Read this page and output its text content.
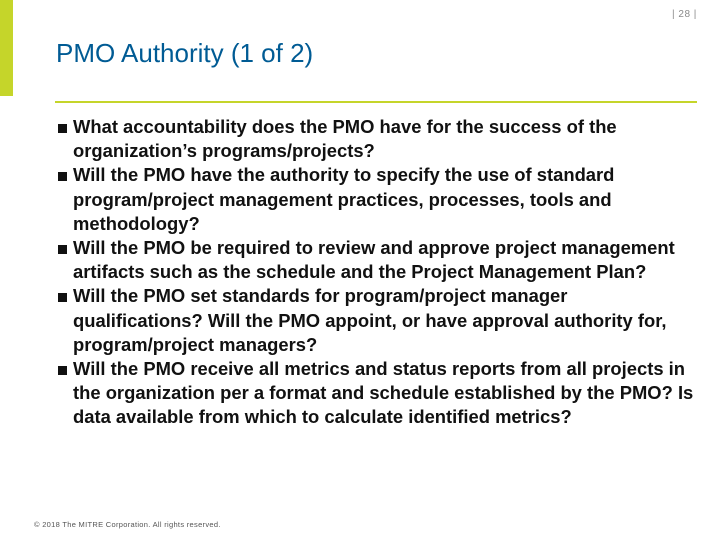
| 28 |
PMO Authority (1 of 2)
What accountability does the PMO have for the success of the organization’s programs/projects?
Will the PMO have the authority to specify the use of standard program/project management practices, processes, tools and methodology?
Will the PMO be required to review and approve project management artifacts such as the schedule and the Project Management Plan?
Will the PMO set standards for program/project manager qualifications? Will the PMO appoint, or have approval authority for, program/project managers?
Will the PMO receive all metrics and status reports from all projects in the organization per a format and schedule established by the PMO? Is data available from which to calculate identified metrics?
© 2018 The MITRE Corporation. All rights reserved.
